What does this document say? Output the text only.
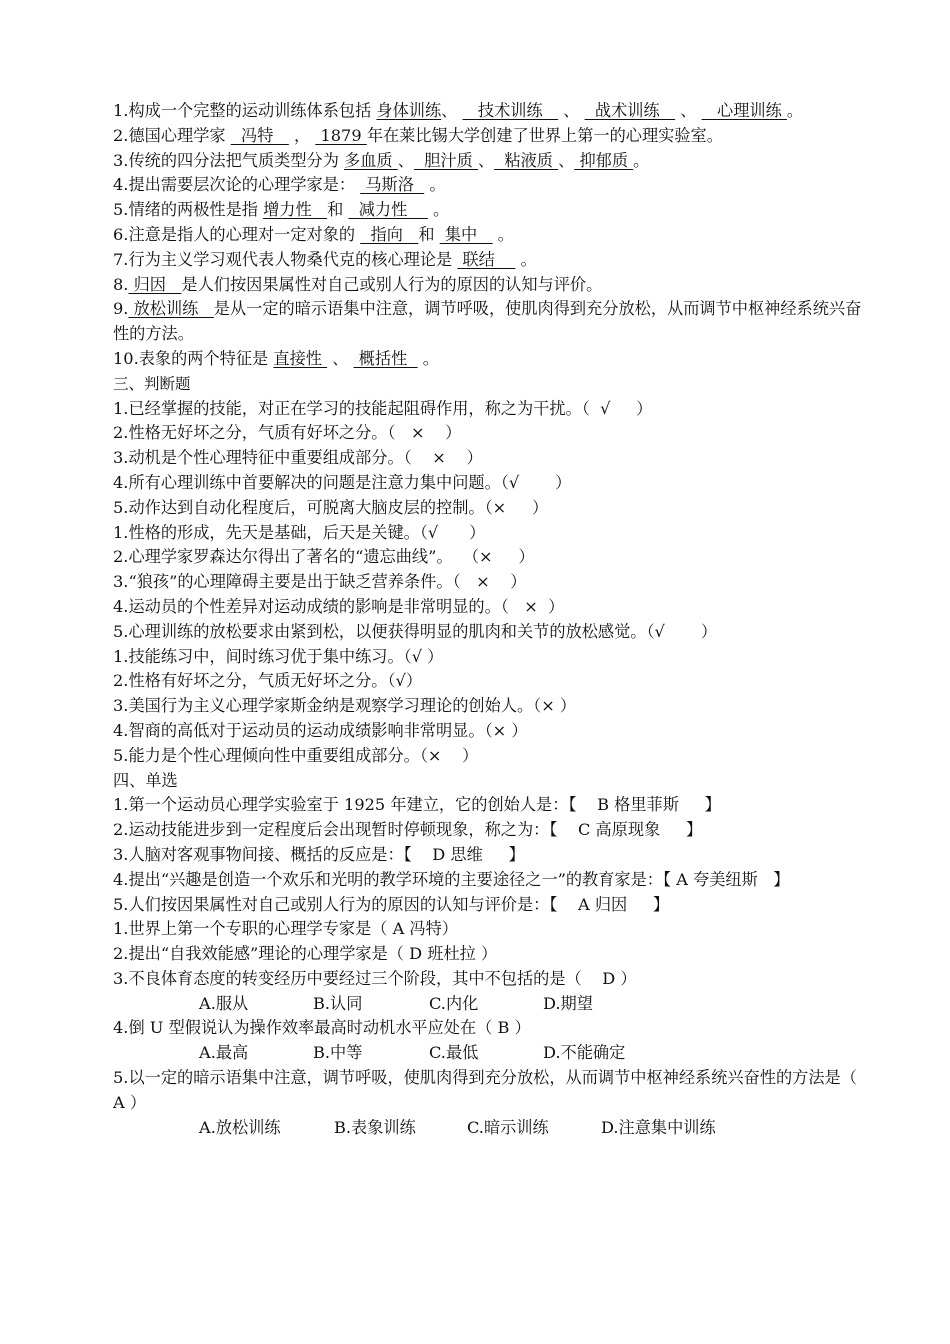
1.构成一个完整的运动训练体系包括 身体训练、    技术训练    、   战术训练    、    心理训练 。
2.德国心理学家   冯特    ，  1879 年在莱比锡大学创建了世界上第一的心理实验室。
3.传统的四分法把气质类型分为 多血质 、  胆汁质 、  粘液质 、 抑郁质 。
4.提出需要层次论的心理学家是：  马斯洛   。
5.情绪的两极性是指 增力性   和   减力性     。
6.注意是指人的心理对一定对象的   指向   和  集中    。
7.行为主义学习观代表人物桑代克的核心理论是  联结     。
8. 归因   是人们按因果属性对自己或别人行为的原因的认知与评价。
9. 放松训练   是从一定的暗示语集中注意，调节呼吸，使肌肉得到充分放松，从而调节中枢神经系统兴奋性的方法。
10.表象的两个特征是 直接性  、  概括性   。
三、判断题
1.已经掌握的技能，对正在学习的技能起阻碍作用，称之为干扰。（  √     ）
2.性格无好坏之分，气质有好坏之分。（   ×    ）
3.动机是个性心理特征中重要组成部分。（    ×    ）
4.所有心理训练中首要解决的问题是注意力集中问题。（√       ）
5.动作达到自动化程度后，可脱离大脑皮层的控制。（×     ）
1.性格的形成，先天是基础，后天是关键。（√      ）
2.心理学家罗森达尔得出了著名的“遗忘曲线”。  （×     ）
3.“狼孩”的心理障碍主要是出于缺乏营养条件。（   ×    ）
4.运动员的个性差异对运动成绩的影响是非常明显的。（   ×  ）
5.心理训练的放松要求由紧到松，以便获得明显的肌肉和关节的放松感觉。（√       ）
1.技能练习中，间时练习优于集中练习。（√ ）
2.性格有好坏之分，气质无好坏之分。（√）
3.美国行为主义心理学家斯金纳是观察学习理论的创始人。（× ）
4.智商的高低对于运动员的运动成绩影响非常明显。（× ）
5.能力是个性心理倾向性中重要组成部分。（×    ）
四、单选
1.第一个运动员心理学实验室于 1925 年建立，它的创始人是：【    B 格里菲斯     】
2.运动技能进步到一定程度后会出现暂时停顿现象，称之为：【    C 高原现象     】
3.人脑对客观事物间接、概括的反应是：【    D 思维     】
4.提出“兴趣是创造一个欢乐和光明的教学环境的主要途径之一”的教育家是：【 A 夸美纽斯   】
5.人们按因果属性对自己或别人行为的原因的认知与评价是：【    A 归因     】
1.世界上第一个专职的心理学专家是（ A 冯特）
2.提出“自我效能感”理论的心理学家是（ D 班杜拉 ）
3.不良体育态度的转变经历中要经过三个阶段，其中不包括的是（    D ）
A.服从	B.认同	C.内化	D.期望
4.倒 U 型假说认为操作效率最高时动机水平应处在（ B ）
A.最高	B.中等	C.最低	D.不能确定
5.以一定的暗示语集中注意，调节呼吸，使肌肉得到充分放松，从而调节中枢神经系统兴奋性的方法是（ A ）
A.放松训练	B.表象训练	C.暗示训练	D.注意集中训练
